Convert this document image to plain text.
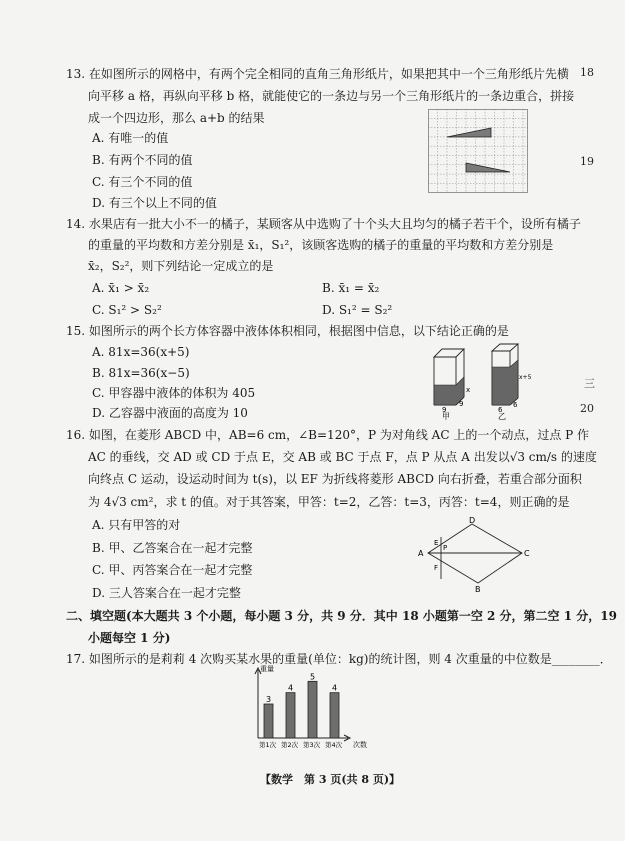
18
19
三
20
13. 在如图所示的网格中，有两个完全相同的直角三角形纸片，如果把其中一个三角形纸片先横
向平移 a 格，再纵向平移 b 格，就能使它的一条边与另一个三角形纸片的一条边重合，拼接
成一个四边形，那么 a+b 的结果
A. 有唯一的值
B. 有两个不同的值
C. 有三个不同的值
D. 有三个以上不同的值
14. 水果店有一批大小不一的橘子，某顾客从中选购了十个头大且均匀的橘子若干个，设所有橘子
的重量的平均数和方差分别是 x̄₁，S₁²，该顾客选购的橘子的重量的平均数和方差分别是
x̄₂，S₂²，则下列结论一定成立的是
A. x̄₁ > x̄₂	B. x̄₁ = x̄₂
C. S₁² > S₂²	D. S₁² = S₂²
15. 如图所示的两个长方体容器中液体体积相同，根据图中信息，以下结论正确的是
A. 81x=36(x+5)
B. 81x=36(x−5)
C. 甲容器中液体的体积为 405
D. 乙容器中液面的高度为 10	9
9
6
6
x
x+5
甲	乙
16. 如图，在菱形 ABCD 中，AB=6 cm，∠B=120°，P 为对角线 AC 上的一个动点，过点 P 作
AC 的垂线，交 AD 或 CD 于点 E，交 AB 或 BC 于点 F，点 P 从点 A 出发以√3 cm/s 的速度
向终点 C 运动，设运动时间为 t(s)，以 EF 为折线将菱形 ABCD 向右折叠，若重合部分面积
为 4√3 cm²，求 t 的值。对于其答案，甲答：t=2，乙答：t=3，丙答：t=4，则正确的是
A. 只有甲答的对
B. 甲、乙答案合在一起才完整
C. 甲、丙答案合在一起才完整
D. 三人答案合在一起才完整
A
B
C
D
E
F
P
二、填空题(本大题共 3 个小题，每小题 3 分，共 9 分．其中 18 小题第一空 2 分，第二空 1 分，19
小题每空 1 分)
17. 如图所示的是莉莉 4 次购买某水果的重量(单位：kg)的统计图，则 4 次重量的中位数是________．
重量
次数
3
第1次
4
第2次
5
第3次
4
第4次
【数学　第 3 页(共 8 页)】
